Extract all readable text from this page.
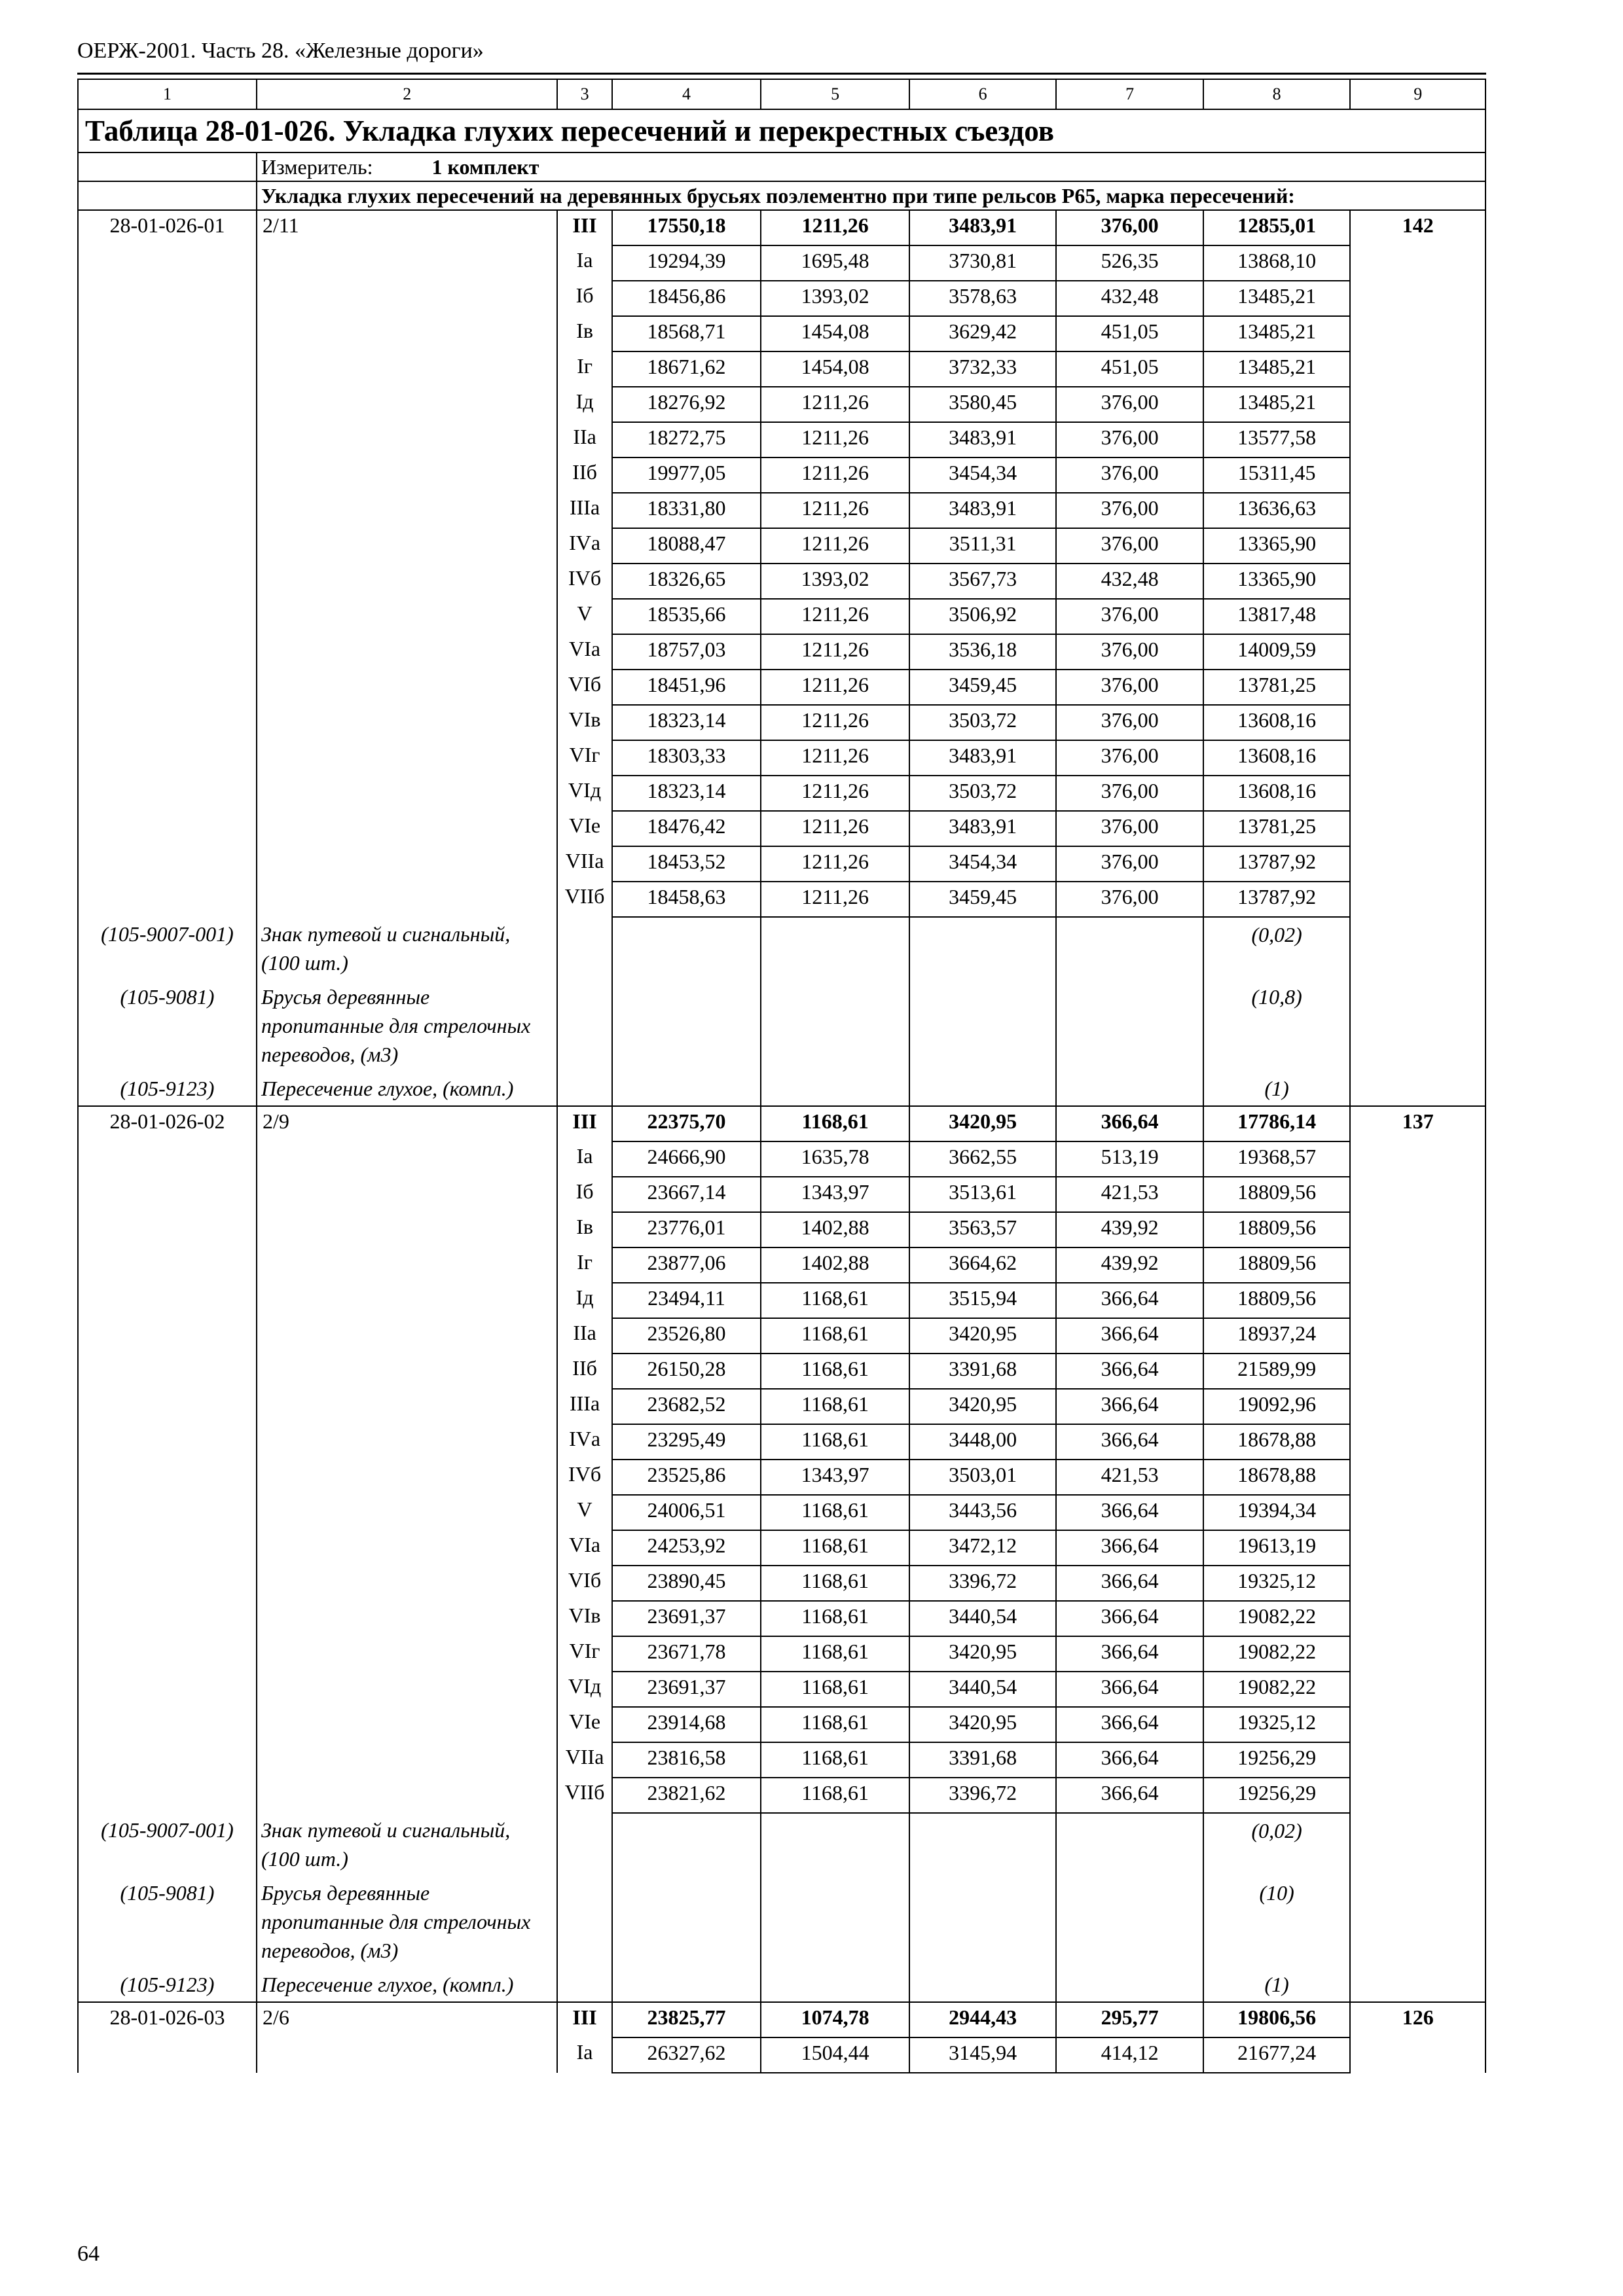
ОЕРЖ-2001. Часть 28. «Железные дороги»
1	2	3	4	5	6	7	8	9
Таблица 28-01-026. Укладка глухих пересечений и перекрестных съездов								
	Измеритель: 1 комплект							
	Укладка глухих пересечений на деревянных брусьях поэлементно при типе рельсов Р65, марка пересечений:							
28-01-026-01	2/11	III	17550,18	1211,26	3483,91	376,00	12855,01	142
		Iа	19294,39	1695,48	3730,81	526,35	13868,10	
		Iб	18456,86	1393,02	3578,63	432,48	13485,21	
		Iв	18568,71	1454,08	3629,42	451,05	13485,21	
		Iг	18671,62	1454,08	3732,33	451,05	13485,21	
		Iд	18276,92	1211,26	3580,45	376,00	13485,21	
		IIа	18272,75	1211,26	3483,91	376,00	13577,58	
		IIб	19977,05	1211,26	3454,34	376,00	15311,45	
		IIIа	18331,80	1211,26	3483,91	376,00	13636,63	
		IVа	18088,47	1211,26	3511,31	376,00	13365,90	
		IVб	18326,65	1393,02	3567,73	432,48	13365,90	
		V	18535,66	1211,26	3506,92	376,00	13817,48	
		VIа	18757,03	1211,26	3536,18	376,00	14009,59	
		VIб	18451,96	1211,26	3459,45	376,00	13781,25	
		VIв	18323,14	1211,26	3503,72	376,00	13608,16	
		VIг	18303,33	1211,26	3483,91	376,00	13608,16	
		VIд	18323,14	1211,26	3503,72	376,00	13608,16	
		VIе	18476,42	1211,26	3483,91	376,00	13781,25	
		VIIа	18453,52	1211,26	3454,34	376,00	13787,92	
		VIIб	18458,63	1211,26	3459,45	376,00	13787,92	
(105-9007-001)	Знак путевой и сигнальный, (100 шт.)						(0,02)	
(105-9081)	Брусья деревянные пропитанные для стрелочных переводов, (м3)						(10,8)	
(105-9123)	Пересечение глухое, (компл.)						(1)	
28-01-026-02	2/9	III	22375,70	1168,61	3420,95	366,64	17786,14	137
		Iа	24666,90	1635,78	3662,55	513,19	19368,57	
		Iб	23667,14	1343,97	3513,61	421,53	18809,56	
		Iв	23776,01	1402,88	3563,57	439,92	18809,56	
		Iг	23877,06	1402,88	3664,62	439,92	18809,56	
		Iд	23494,11	1168,61	3515,94	366,64	18809,56	
		IIа	23526,80	1168,61	3420,95	366,64	18937,24	
		IIб	26150,28	1168,61	3391,68	366,64	21589,99	
		IIIа	23682,52	1168,61	3420,95	366,64	19092,96	
		IVа	23295,49	1168,61	3448,00	366,64	18678,88	
		IVб	23525,86	1343,97	3503,01	421,53	18678,88	
		V	24006,51	1168,61	3443,56	366,64	19394,34	
		VIа	24253,92	1168,61	3472,12	366,64	19613,19	
		VIб	23890,45	1168,61	3396,72	366,64	19325,12	
		VIв	23691,37	1168,61	3440,54	366,64	19082,22	
		VIг	23671,78	1168,61	3420,95	366,64	19082,22	
		VIд	23691,37	1168,61	3440,54	366,64	19082,22	
		VIе	23914,68	1168,61	3420,95	366,64	19325,12	
		VIIа	23816,58	1168,61	3391,68	366,64	19256,29	
		VIIб	23821,62	1168,61	3396,72	366,64	19256,29	
(105-9007-001)	Знак путевой и сигнальный, (100 шт.)						(0,02)	
(105-9081)	Брусья деревянные пропитанные для стрелочных переводов, (м3)						(10)	
(105-9123)	Пересечение глухое, (компл.)						(1)	
28-01-026-03	2/6	III	23825,77	1074,78	2944,43	295,77	19806,56	126
		Iа	26327,62	1504,44	3145,94	414,12	21677,24	
64
